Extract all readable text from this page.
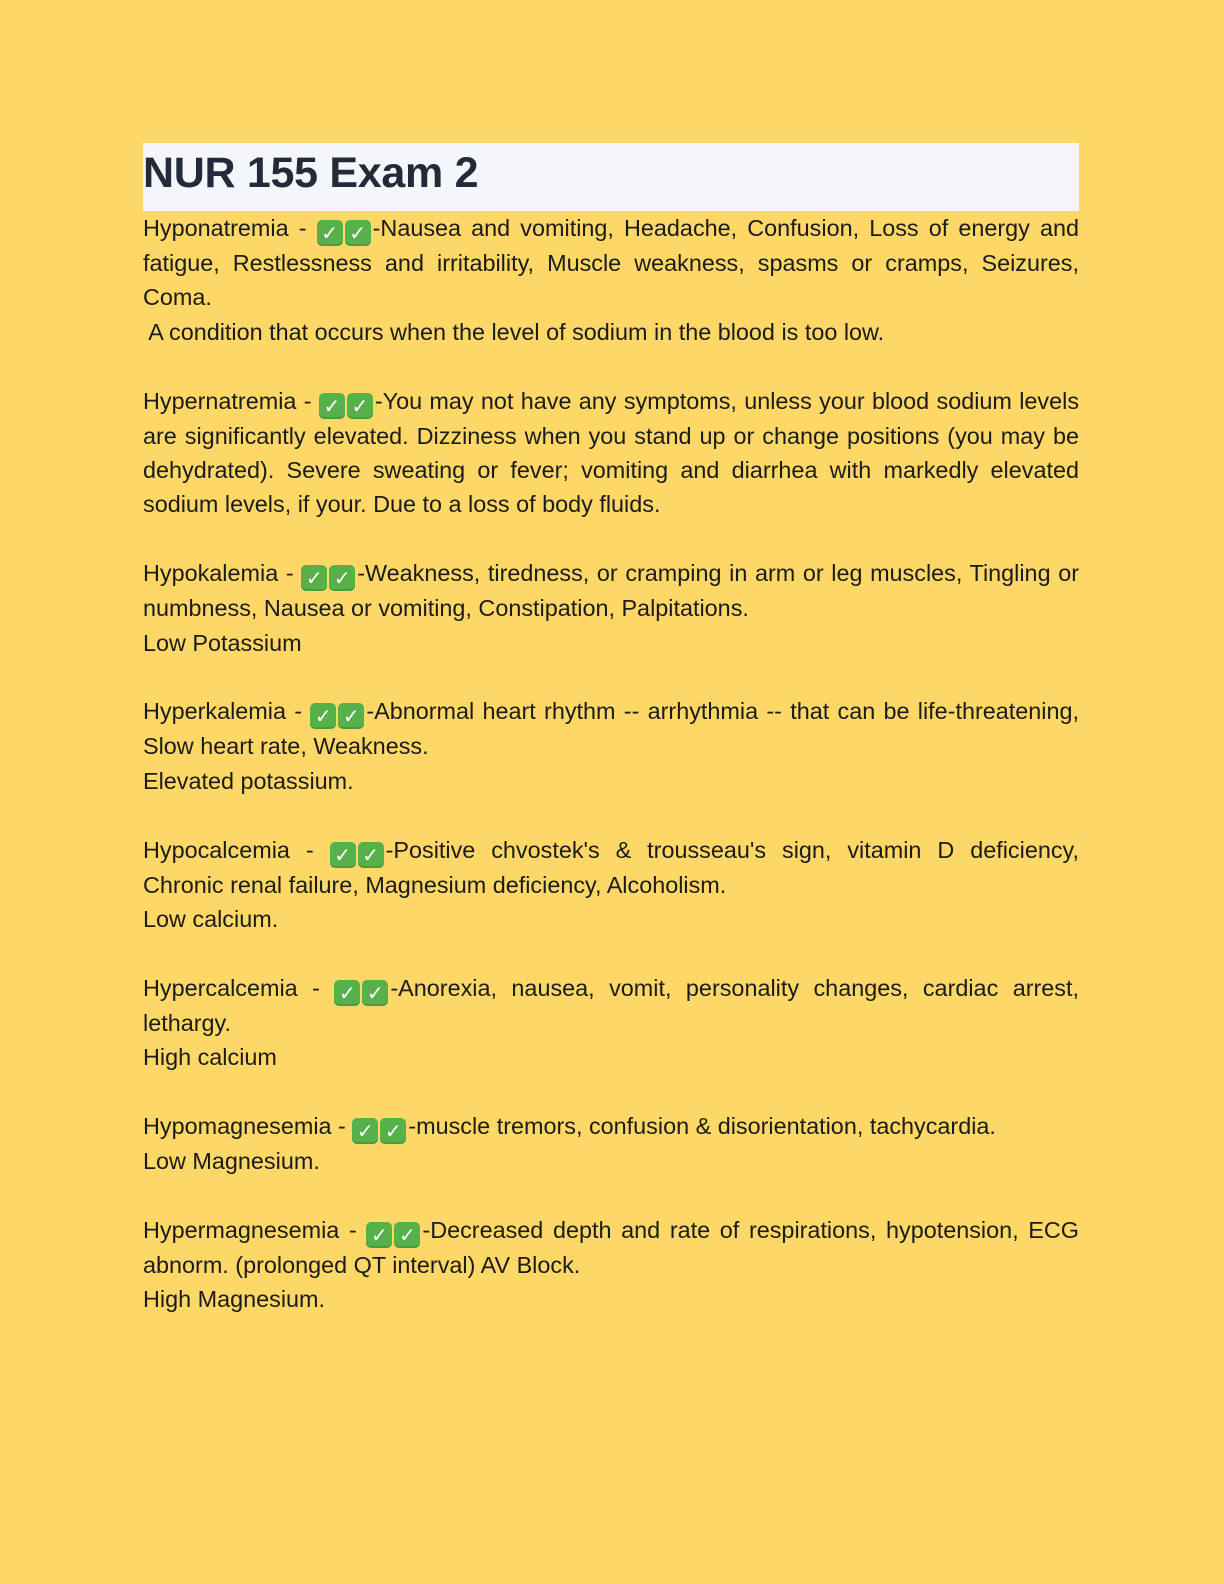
NUR 155 Exam 2

Hyponatremia - ✓ ✓ -Nausea and vomiting, Headache, Confusion, Loss of energy and fatigue, Restlessness and irritability, Muscle weakness, spasms or cramps, Seizures, Coma.

A condition that occurs when the level of sodium in the blood is too low.

Hypernatremia - ✓ ✓ -You may not have any symptoms, unless your blood sodium levels are significantly elevated. Dizziness when you stand up or change positions (you may be dehydrated). Severe sweating or fever; vomiting and diarrhea with markedly elevated sodium levels, if your. Due to a loss of body fluids.

Hypokalemia - ✓ ✓ -Weakness, tiredness, or cramping in arm or leg muscles, Tingling or numbness, Nausea or vomiting, Constipation, Palpitations.

Low Potassium

Hyperkalemia - ✓ ✓ -Abnormal heart rhythm -- arrhythmia -- that can be life-threatening, Slow heart rate, Weakness.

Elevated potassium.

Hypocalcemia - ✓ ✓ -Positive chvostek's & trousseau's sign, vitamin D deficiency, Chronic renal failure, Magnesium deficiency, Alcoholism.

Low calcium.

Hypercalcemia - ✓ ✓ -Anorexia, nausea, vomit, personality changes, cardiac arrest, lethargy.

High calcium

Hypomagnesemia - ✓ ✓ -muscle tremors, confusion & disorientation, tachycardia.

Low Magnesium.

Hypermagnesemia - ✓ ✓ -Decreased depth and rate of respirations, hypotension, ECG abnorm. (prolonged QT interval) AV Block.

High Magnesium.
